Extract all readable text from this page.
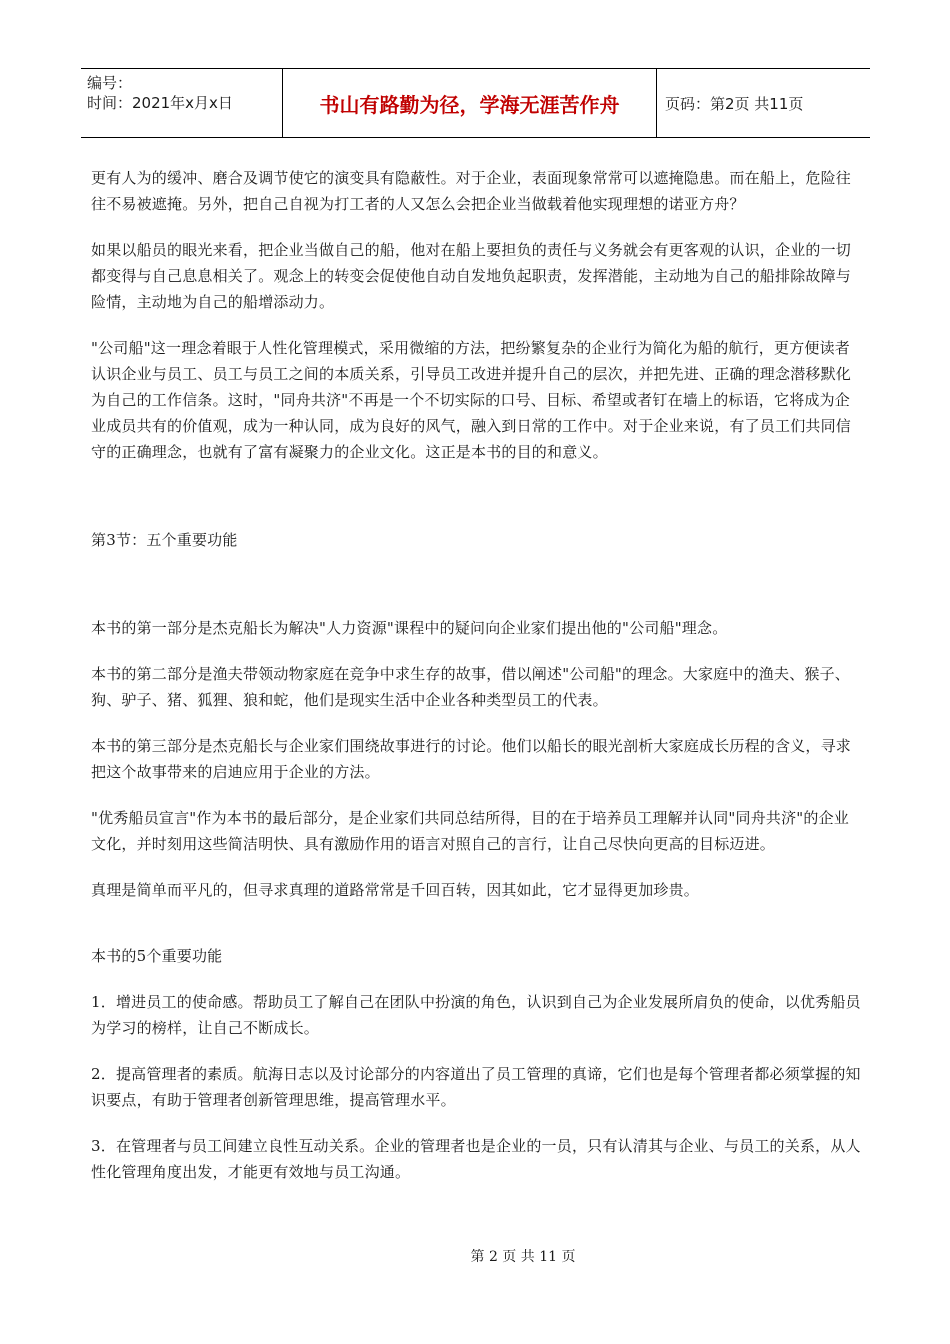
编号：
时间：2021年x月x日	书山有路勤为径，学海无涯苦作舟	页码：第2页 共11页

更有人为的缓冲、磨合及调节使它的演变具有隐蔽性。对于企业，表面现象常常可以遮掩隐患。而在船上，危险往往不易被遮掩。另外，把自己自视为打工者的人又怎么会把企业当做载着他实现理想的诺亚方舟？

如果以船员的眼光来看，把企业当做自己的船，他对在船上要担负的责任与义务就会有更客观的认识，企业的一切都变得与自己息息相关了。观念上的转变会促使他自动自发地负起职责，发挥潜能，主动地为自己的船排除故障与险情，主动地为自己的船增添动力。

"公司船"这一理念着眼于人性化管理模式，采用微缩的方法，把纷繁复杂的企业行为简化为船的航行，更方便读者认识企业与员工、员工与员工之间的本质关系，引导员工改进并提升自己的层次，并把先进、正确的理念潜移默化为自己的工作信条。这时，"同舟共济"不再是一个不切实际的口号、目标、希望或者钉在墙上的标语，它将成为企业成员共有的价值观，成为一种认同，成为良好的风气，融入到日常的工作中。对于企业来说，有了员工们共同信守的正确理念，也就有了富有凝聚力的企业文化。这正是本书的目的和意义。

第3节：五个重要功能

本书的第一部分是杰克船长为解决"人力资源"课程中的疑问向企业家们提出他的"公司船"理念。

本书的第二部分是渔夫带领动物家庭在竞争中求生存的故事，借以阐述"公司船"的理念。大家庭中的渔夫、猴子、狗、驴子、猪、狐狸、狼和蛇，他们是现实生活中企业各种类型员工的代表。

本书的第三部分是杰克船长与企业家们围绕故事进行的讨论。他们以船长的眼光剖析大家庭成长历程的含义，寻求把这个故事带来的启迪应用于企业的方法。

"优秀船员宣言"作为本书的最后部分，是企业家们共同总结所得，目的在于培养员工理解并认同"同舟共济"的企业文化，并时刻用这些简洁明快、具有激励作用的语言对照自己的言行，让自己尽快向更高的目标迈进。

真理是简单而平凡的，但寻求真理的道路常常是千回百转，因其如此，它才显得更加珍贵。

本书的5个重要功能

1．增进员工的使命感。帮助员工了解自己在团队中扮演的角色，认识到自己为企业发展所肩负的使命，以优秀船员为学习的榜样，让自己不断成长。

2．提高管理者的素质。航海日志以及讨论部分的内容道出了员工管理的真谛，它们也是每个管理者都必须掌握的知识要点，有助于管理者创新管理思维，提高管理水平。

3．在管理者与员工间建立良性互动关系。企业的管理者也是企业的一员，只有认清其与企业、与员工的关系，从人性化管理角度出发，才能更有效地与员工沟通。

第 2 页 共 11 页
